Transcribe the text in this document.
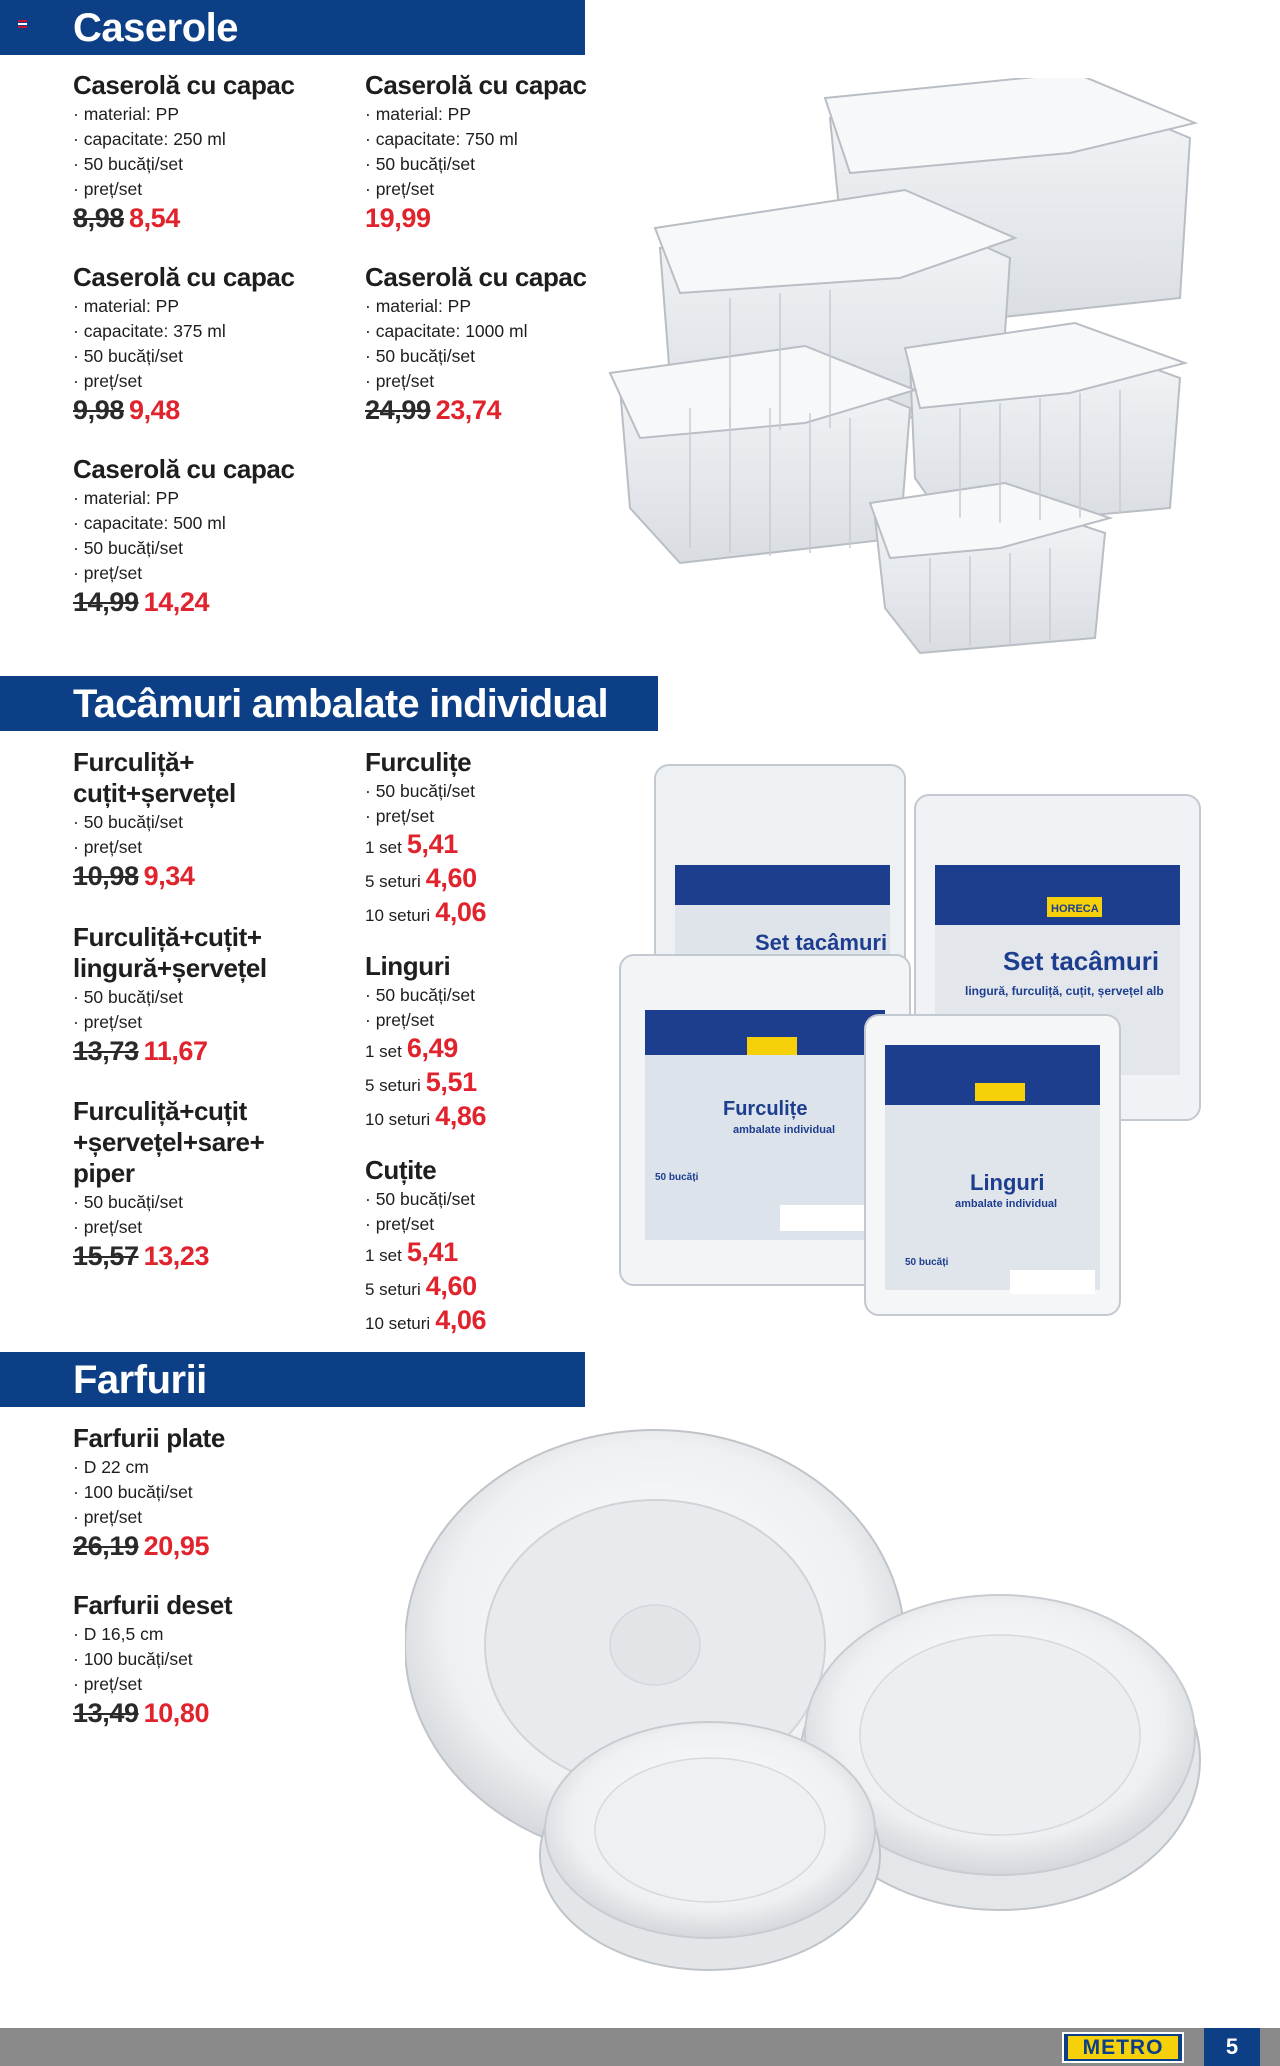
Caserole
Caserolă cu capac
· material: PP
· capacitate: 250 ml
· 50 bucăți/set
· preț/set
8,98 8,54
Caserolă cu capac
· material: PP
· capacitate: 750 ml
· 50 bucăți/set
· preț/set
19,99
Caserolă cu capac
· material: PP
· capacitate: 375 ml
· 50 bucăți/set
· preț/set
9,98 9,48
Caserolă cu capac
· material: PP
· capacitate: 1000 ml
· 50 bucăți/set
· preț/set
24,99 23,74
Caserolă cu capac
· material: PP
· capacitate: 500 ml
· 50 bucăți/set
· preț/set
14,99 14,24
Tacâmuri ambalate individual
Furculiță+
cuțit+șervețel
· 50 bucăți/set
· preț/set
10,98 9,34
Furculiță+cuțit+
lingură+șervețel
· 50 bucăți/set
· preț/set
13,73 11,67
Furculiță+cuțit
+șervețel+sare+
piper
· 50 bucăți/set
· preț/set
15,57 13,23
Furculițe
· 50 bucăți/set
· preț/set
1 set 5,41
5 seturi 4,60
10 seturi 4,06
Linguri
· 50 bucăți/set
· preț/set
1 set 6,49
5 seturi 5,51
10 seturi 4,86
Cuțite
· 50 bucăți/set
· preț/set
1 set 5,41
5 seturi 4,60
10 seturi 4,06
Set tacâmuri
HORECA
Set tacâmuri
lingură, furculiță, cuțit, șervețel alb
Furculițe
ambalate individual
50 bucăți	Linguri
ambalate individual
50 bucăți
Farfurii
Farfurii plate
· D 22 cm
· 100 bucăți/set
· preț/set
26,19 20,95
Farfurii deset
· D 16,5 cm
· 100 bucăți/set
· preț/set
13,49 10,80
METRO	5
